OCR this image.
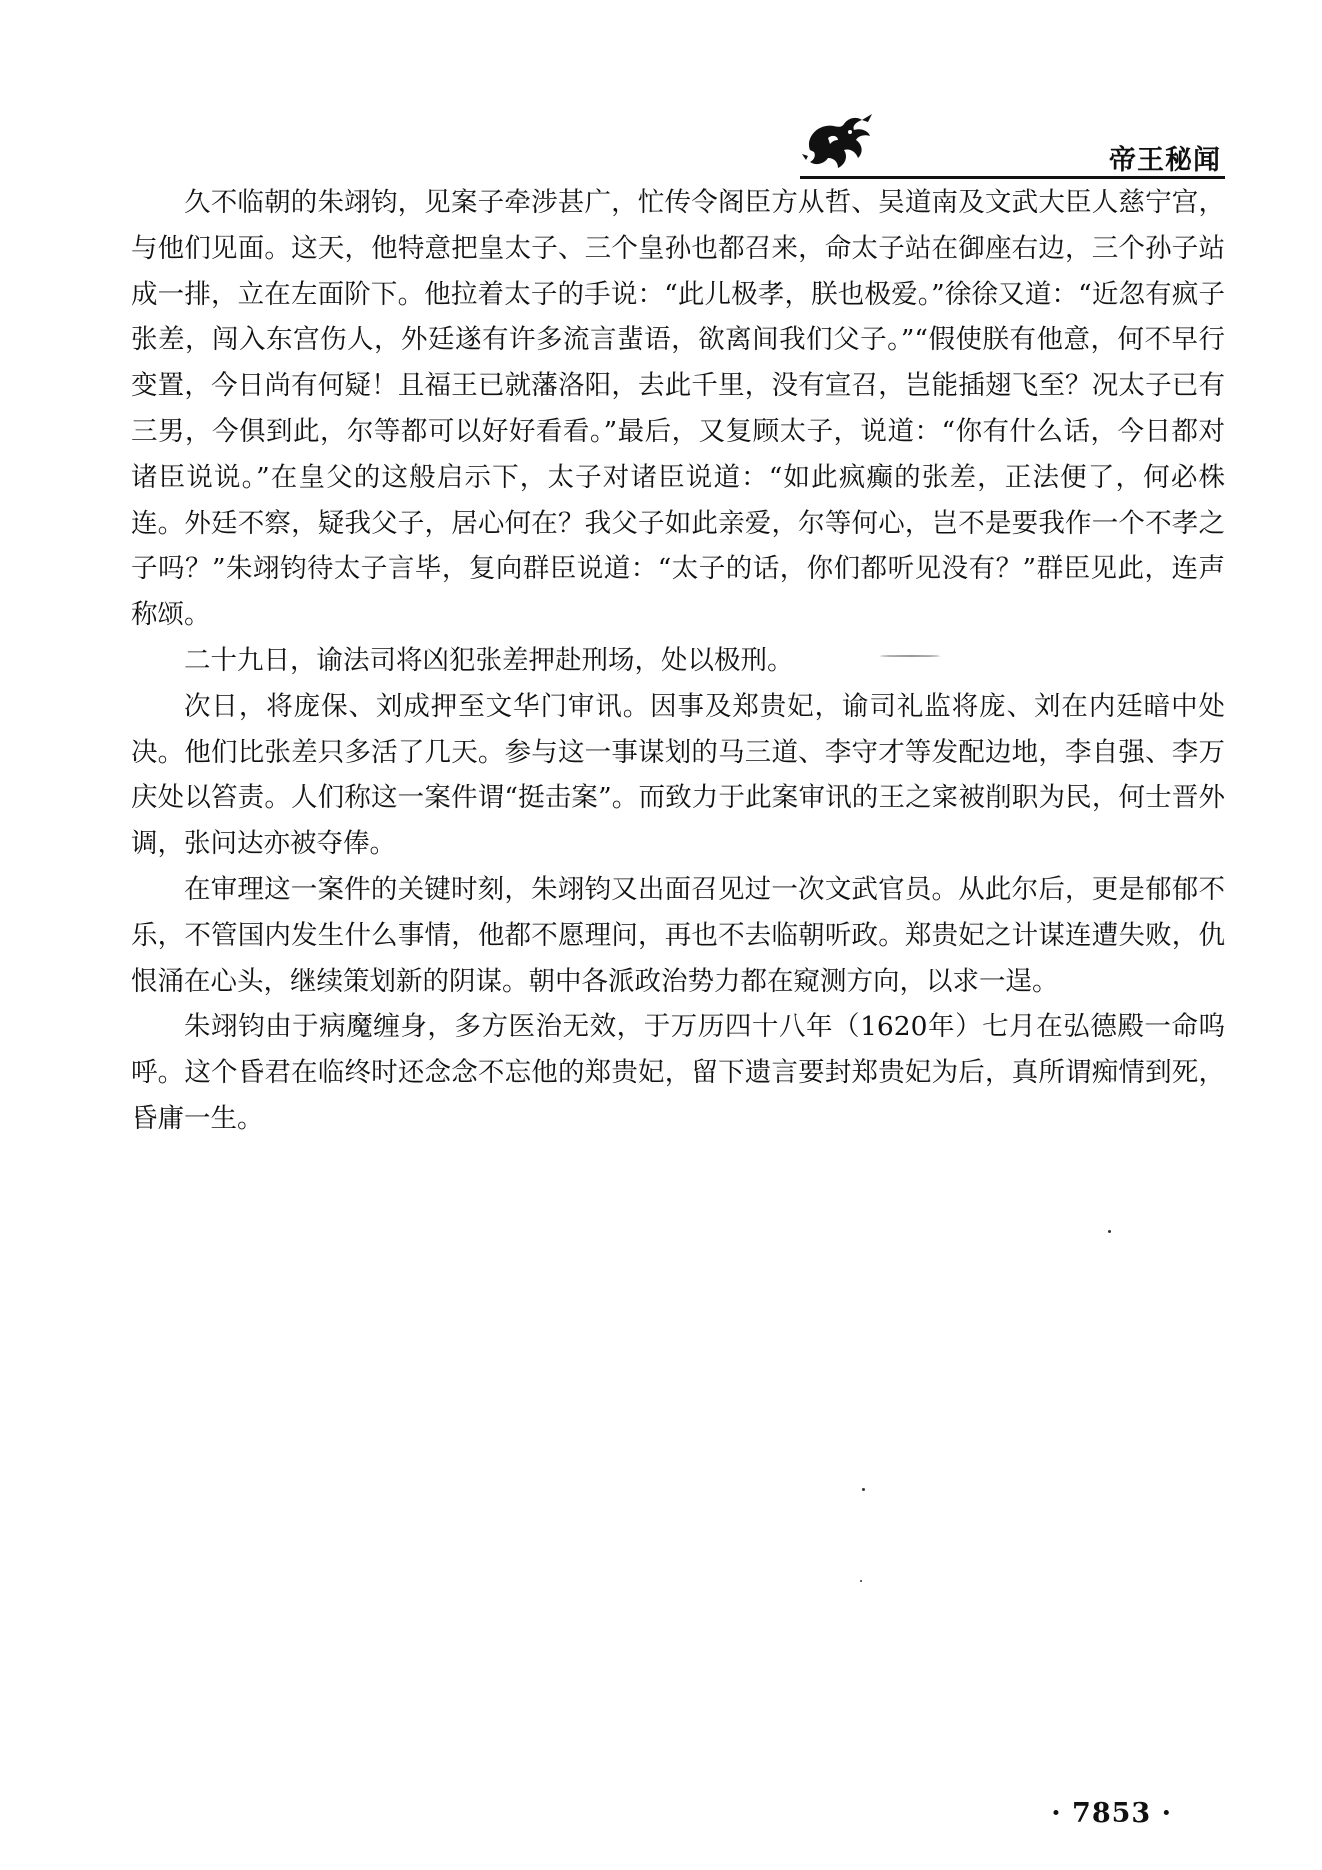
帝王秘闻

久不临朝的朱翊钧，见案子牵涉甚广，忙传令阁臣方从哲、吴道南及文武大臣人慈宁宫，与他们见面。这天，他特意把皇太子、三个皇孙也都召来，命太子站在御座右边，三个孙子站成一排，立在左面阶下。他拉着太子的手说：“此儿极孝，朕也极爱。”徐徐又道：“近忽有疯子张差，闯入东宫伤人，外廷遂有许多流言蜚语，欲离间我们父子。”“假使朕有他意，何不早行变置，今日尚有何疑！且福王已就藩洛阳，去此千里，没有宣召，岂能插翅飞至？况太子已有三男，今俱到此，尔等都可以好好看看。”最后，又复顾太子，说道：“你有什么话，今日都对诸臣说说。”在皇父的这般启示下，太子对诸臣说道：“如此疯癫的张差，正法便了，何必株连。外廷不察，疑我父子，居心何在？我父子如此亲爱，尔等何心，岂不是要我作一个不孝之子吗？”朱翊钧待太子言毕，复向群臣说道：“太子的话，你们都听见没有？”群臣见此，连声称颂。

二十九日，谕法司将凶犯张差押赴刑场，处以极刑。

次日，将庞保、刘成押至文华门审讯。因事及郑贵妃，谕司礼监将庞、刘在内廷暗中处决。他们比张差只多活了几天。参与这一事谋划的马三道、李守才等发配边地，李自强、李万庆处以笞责。人们称这一案件谓“挺击案”。而致力于此案审讯的王之寀被削职为民，何士晋外调，张问达亦被夺俸。

在审理这一案件的关键时刻，朱翊钧又出面召见过一次文武官员。从此尔后，更是郁郁不乐，不管国内发生什么事情，他都不愿理问，再也不去临朝听政。郑贵妃之计谋连遭失败，仇恨涌在心头，继续策划新的阴谋。朝中各派政治势力都在窥测方向，以求一逞。

朱翊钧由于病魔缠身，多方医治无效，于万历四十八年（1620年）七月在弘德殿一命呜呼。这个昏君在临终时还念念不忘他的郑贵妃，留下遗言要封郑贵妃为后，真所谓痴情到死，昏庸一生。

· 7853 ·
